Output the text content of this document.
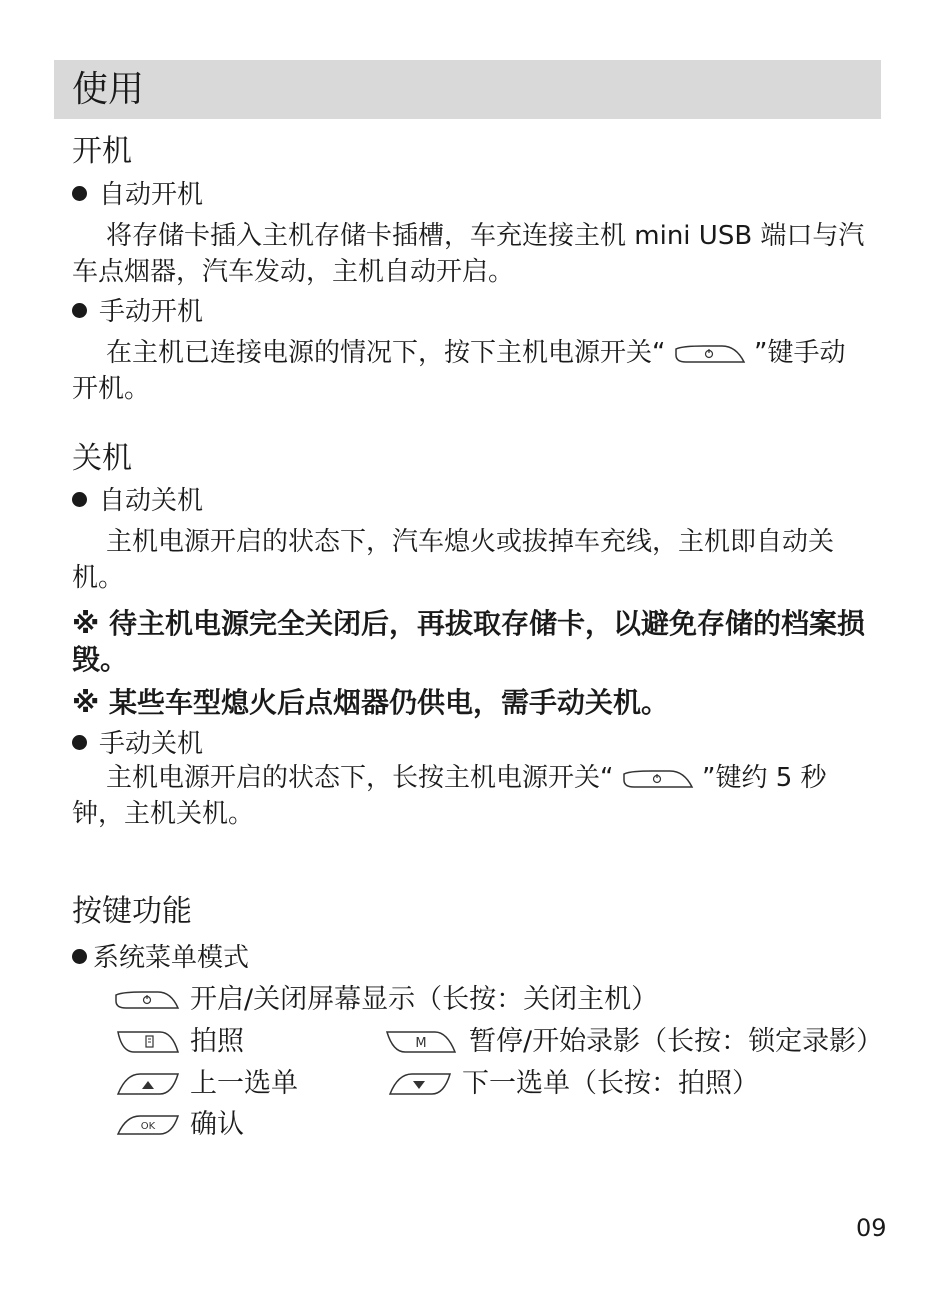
使用
开机
自动开机
将存储卡插入主机存储卡插槽，车充连接主机 mini USB 端口与汽车点烟器，汽车发动，主机自动开启。
手动开机
在主机已连接电源的情况下，按下主机电源开关“	”键手动开机。
关机
自动关机
主机电源开启的状态下，汽车熄火或拔掉车充线，主机即自动关机。
※ 待主机电源完全关闭后，再拔取存储卡，以避免存储的档案损毁。
※ 某些车型熄火后点烟器仍供电，需手动关机。
手动关机
主机电源开启的状态下，长按主机电源开关“	”键约 5 秒钟，主机关机。
按键功能
系统菜单模式
开启/关闭屏幕显示（长按：关闭主机）
拍照	M 暂停/开始录影（长按：锁定录影）
上一选单	下一选单（长按：拍照）
OK 确认
09
